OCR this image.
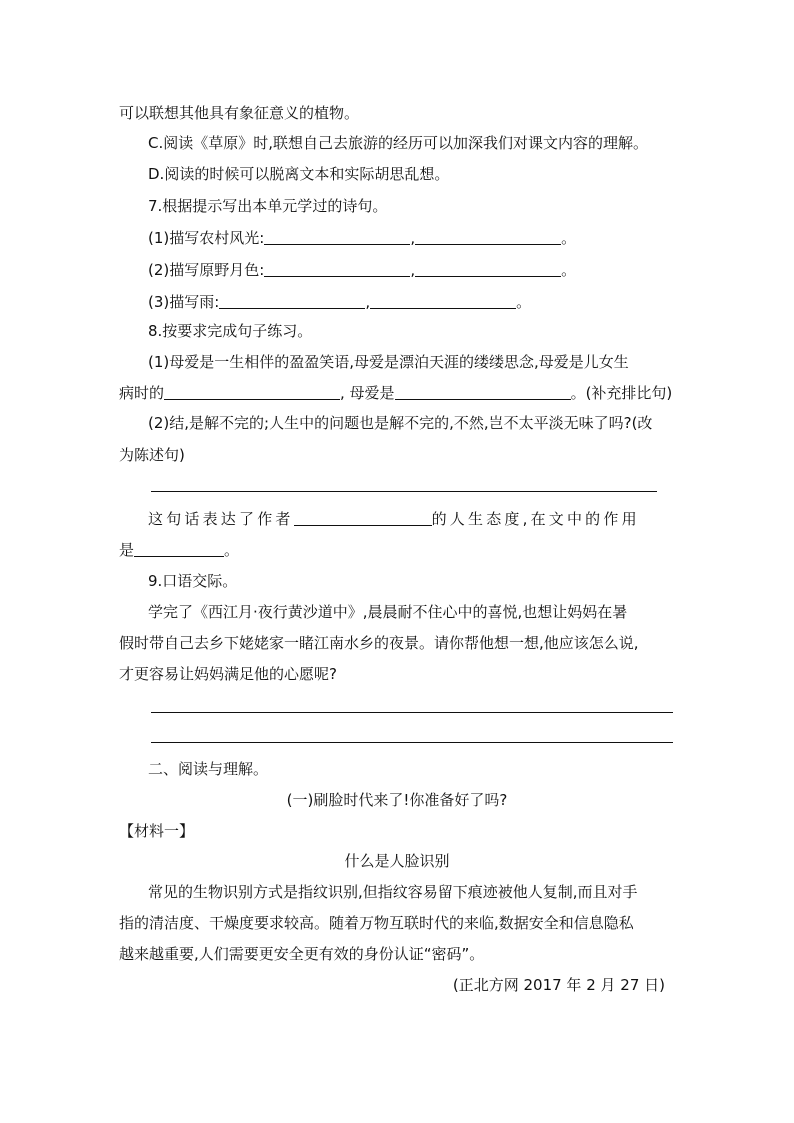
可以联想其他具有象征意义的植物。
C.阅读《草原》时,联想自己去旅游的经历可以加深我们对课文内容的理解。
D.阅读的时候可以脱离文本和实际胡思乱想。
7.根据提示写出本单元学过的诗句。
(1)描写农村风光:	,	。
(2)描写原野月色:	,	。
(3)描写雨:	,	。
8.按要求完成句子练习。
(1)母爱是一生相伴的盈盈笑语,母爱是漂泊天涯的缕缕思念,母爱是儿女生
病时的	, 母爱是	。(补充排比句)
(2)结,是解不完的;人生中的问题也是解不完的,不然,岂不太平淡无味了吗?(改
为陈述句)
这句话表达了作者	的人生态度,在文中的作用
是	。
9.口语交际。
学完了《西江月·夜行黄沙道中》,晨晨耐不住心中的喜悦,也想让妈妈在暑
假时带自己去乡下姥姥家一睹江南水乡的夜景。请你帮他想一想,他应该怎么说,
才更容易让妈妈满足他的心愿呢?
二、阅读与理解。
(一)刷脸时代来了!你准备好了吗?
【材料一】
什么是人脸识别
常见的生物识别方式是指纹识别,但指纹容易留下痕迹被他人复制,而且对手
指的清洁度、干燥度要求较高。随着万物互联时代的来临,数据安全和信息隐私
越来越重要,人们需要更安全更有效的身份认证“密码”。
(正北方网 2017 年 2 月 27 日)
